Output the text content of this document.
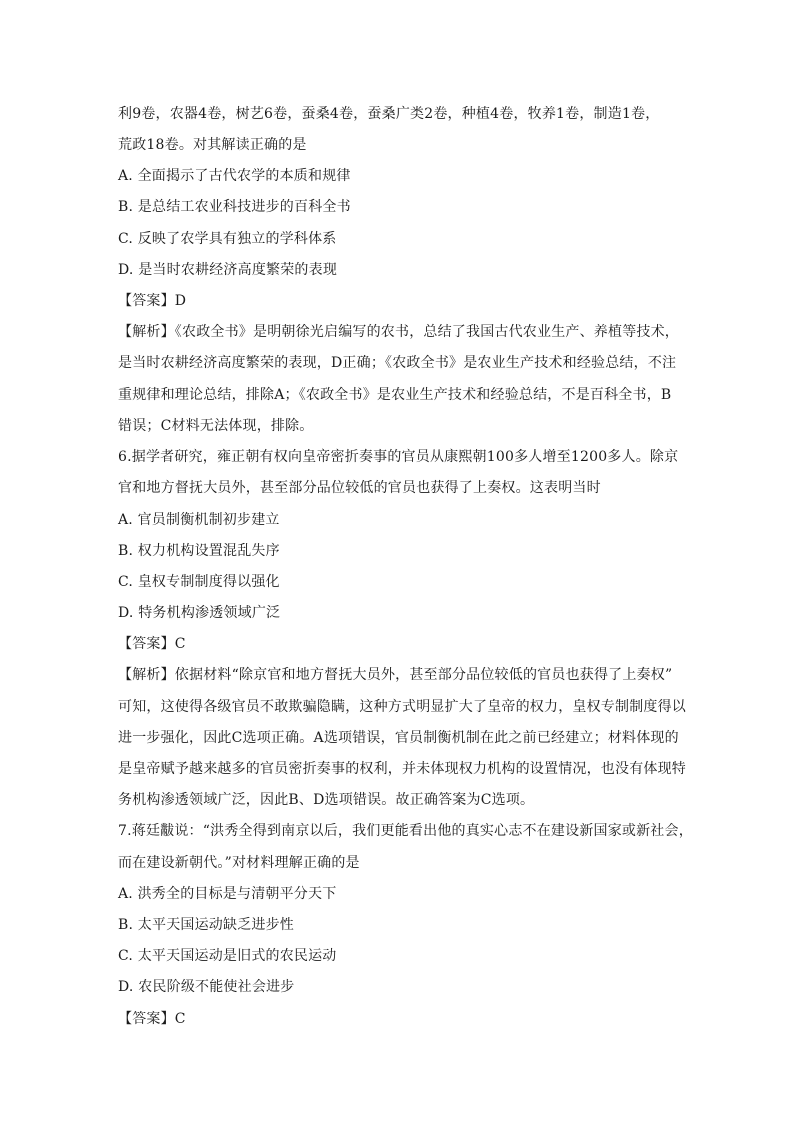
利9卷，农器4卷，树艺6卷，蚕桑4卷，蚕桑广类2卷，种植4卷，牧养1卷，制造1卷，
荒政18卷。对其解读正确的是
A. 全面揭示了古代农学的本质和规律
B. 是总结工农业科技进步的百科全书
C. 反映了农学具有独立的学科体系
D. 是当时农耕经济高度繁荣的表现
【答案】D
【解析】《农政全书》是明朝徐光启编写的农书，总结了我国古代农业生产、养植等技术，
是当时农耕经济高度繁荣的表现，D正确；《农政全书》是农业生产技术和经验总结，不注
重规律和理论总结，排除A；《农政全书》是农业生产技术和经验总结，不是百科全书，B
错误；C材料无法体现，排除。
6.据学者研究，雍正朝有权向皇帝密折奏事的官员从康熙朝100多人增至1200多人。除京
官和地方督抚大员外，甚至部分品位较低的官员也获得了上奏权。这表明当时
A. 官员制衡机制初步建立
B. 权力机构设置混乱失序
C. 皇权专制制度得以强化
D. 特务机构渗透领域广泛
【答案】C
【解析】依据材料“除京官和地方督抚大员外，甚至部分品位较低的官员也获得了上奏权”
可知，这使得各级官员不敢欺骗隐瞒，这种方式明显扩大了皇帝的权力，皇权专制制度得以
进一步强化，因此C选项正确。A选项错误，官员制衡机制在此之前已经建立；材料体现的
是皇帝赋予越来越多的官员密折奏事的权利，并未体现权力机构的设置情况，也没有体现特
务机构渗透领域广泛，因此B、D选项错误。故正确答案为C选项。
7.蒋廷黻说：“洪秀全得到南京以后，我们更能看出他的真实心志不在建设新国家或新社会，
而在建设新朝代。”对材料理解正确的是
A. 洪秀全的目标是与清朝平分天下
B. 太平天国运动缺乏进步性
C. 太平天国运动是旧式的农民运动
D. 农民阶级不能使社会进步
【答案】C
